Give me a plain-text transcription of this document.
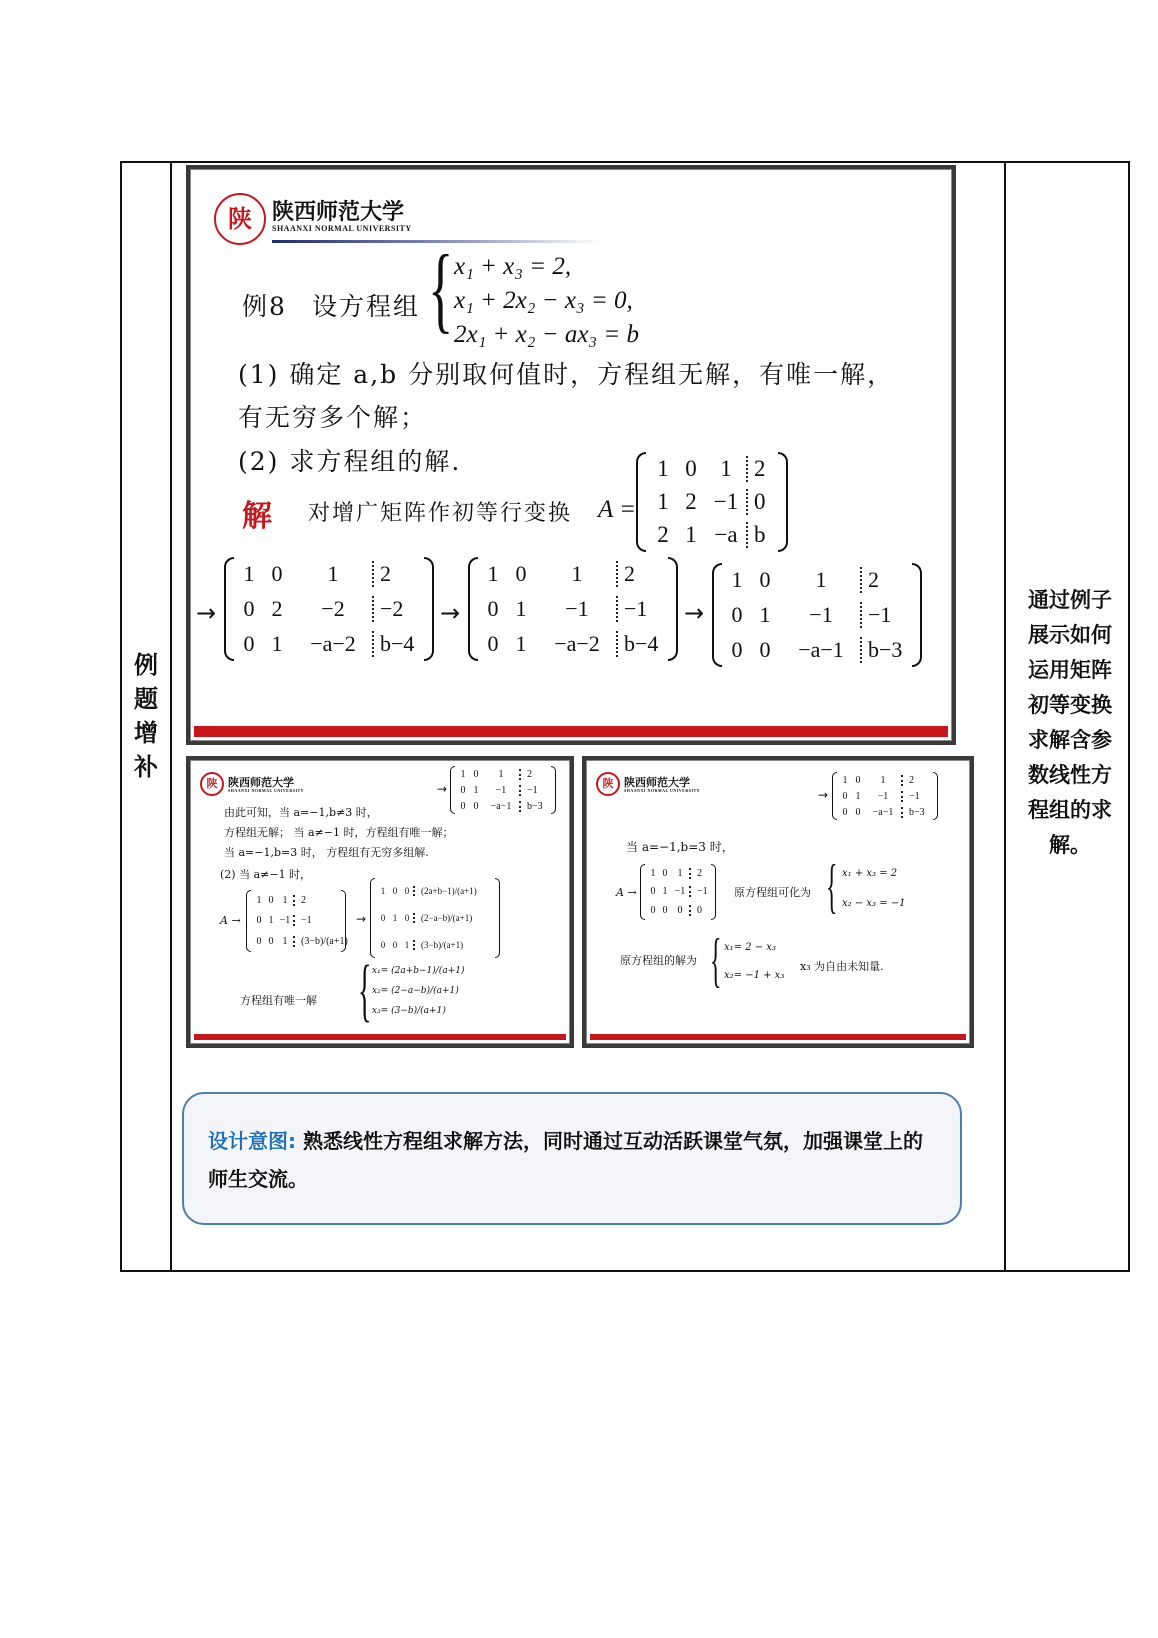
例
题
增
补
通过例子
展示如何
运用矩阵
初等变换
求解含参
数线性方
程组的求
解。
陕 陕西师范大学
SHAANXI NORMAL UNIVERSITY
例8 设方程组 { x₁ + x₃ = 2,
x₁ + 2x₂ − x₃ = 0,
2x₁ + x₂ − ax₃ = b
(1) 确定 a,b 分别取何值时，方程组无解，有唯一解，
有无穷多个解；
(2) 求方程组的解.
解 对增广矩阵作初等行变换 A =
1 0	1 2
1 2 −1 0
2 1 −a b
→
1 0	1	2
0 2	−2	−2
0 1	−a−2	b−4
→
1 0	1	2
0 1	−1	−1
0 1	−a−2	b−4
→
1 0	1	2
0 1	−1	−1
0 0	−a−1	b−3
陕 陕西师范大学
SHAANXI NORMAL UNIVERSITY	→
1 0	1	2
0 1	−1	−1
0 0	−a−1	b−3
由此可知，当 a=−1,b≠3 时，
方程组无解； 当 a≠−1 时，方程组有唯一解；
当 a=−1,b=3 时， 方程组有无穷多组解.
(2) 当 a≠−1 时，
A →
1 0 1	2
0 1 −1	−1
0 0 1	(3−b)/(a+1)
→
1 0 0	(2a+b−1)/(a+1)
0 1 0	(2−a−b)/(a+1)
0 0 1	(3−b)/(a+1)
方程组有唯一解 { x₁= (2a+b−1)/(a+1)
x₂= (2−a−b)/(a+1)
x₃= (3−b)/(a+1)
陕 陕西师范大学
SHAANXI NORMAL UNIVERSITY	→
1 0	1	2
0 1	−1	−1
0 0	−a−1	b−3
当 a=−1,b=3 时，
A →
1 0	1	2
0 1 −1	−1
0 0	0	0
原方程组可化为 { x₁ + x₃ = 2
x₂ − x₃ = −1
原方程组的解为 { x₁= 2 − x₃
x₂= −1 + x₃
x₃ 为自由未知量.
设计意图: 熟悉线性方程组求解方法，同时通过互动活跃课堂气氛，加强课堂上的师生交流。
